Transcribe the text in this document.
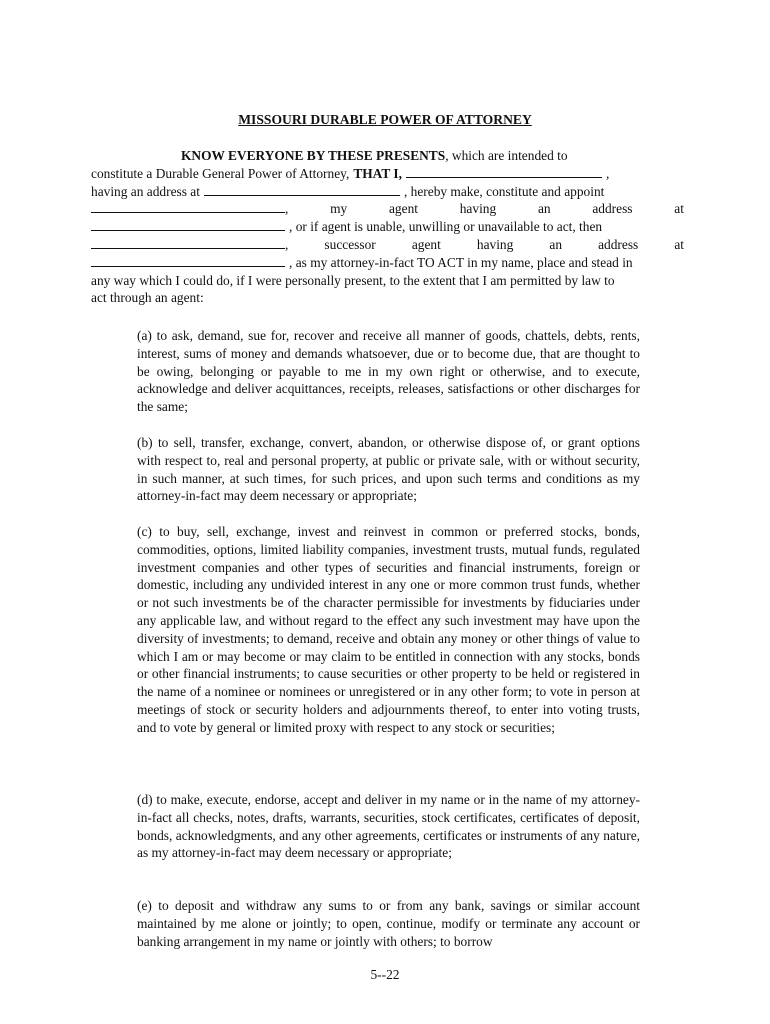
MISSOURI DURABLE POWER OF ATTORNEY
KNOW EVERYONE BY THESE PRESENTS, which are intended to
constitute a Durable General Power of Attorney, THAT I,	,
having an address at	, hereby make, constitute and appoint
,	my	agent	having	an	address	at
, or if agent is unable, unwilling or unavailable to act, then
,	successor	agent	having	an	address	at
, as my attorney-in-fact TO ACT in my name, place and stead in
any way which I could do, if I were personally present, to the extent that I am permitted by law to
act through an agent:

(a) to ask, demand, sue for, recover and receive all manner of goods, chattels, debts, rents, interest, sums of money and demands whatsoever, due or to become due, that are thought to be owing, belonging or payable to me in my own right or otherwise, and to execute, acknowledge and deliver acquittances, receipts, releases, satisfactions or other discharges for the same;

(b) to sell, transfer, exchange, convert, abandon, or otherwise dispose of, or grant options with respect to, real and personal property, at public or private sale, with or without security, in such manner, at such times, for such prices, and upon such terms and conditions as my attorney-in-fact may deem necessary or appropriate;

(c) to buy, sell, exchange, invest and reinvest in common or preferred stocks, bonds, commodities, options, limited liability companies, investment trusts, mutual funds, regulated investment companies and other types of securities and financial instruments, foreign or domestic, including any undivided interest in any one or more common trust funds, whether or not such investments be of the character permissible for investments by fiduciaries under any applicable law, and without regard to the effect any such investment may have upon the diversity of investments; to demand, receive and obtain any money or other things of value to which I am or may become or may claim to be entitled in connection with any stocks, bonds or other financial instruments; to cause securities or other property to be held or registered in the name of a nominee or nominees or unregistered or in any other form; to vote in person at meetings of stock or security holders and adjournments thereof, to enter into voting trusts, and to vote by general or limited proxy with respect to any stock or securities;

(d) to make, execute, endorse, accept and deliver in my name or in the name of my attorney-in-fact all checks, notes, drafts, warrants, securities, stock certificates, certificates of deposit, bonds, acknowledgments, and any other agreements, certificates or instruments of any nature, as my attorney-in-fact may deem necessary or appropriate;

(e) to deposit and withdraw any sums to or from any bank, savings or similar account maintained by me alone or jointly; to open, continue, modify or terminate any account or banking arrangement in my name or jointly with others; to borrow

5--22
